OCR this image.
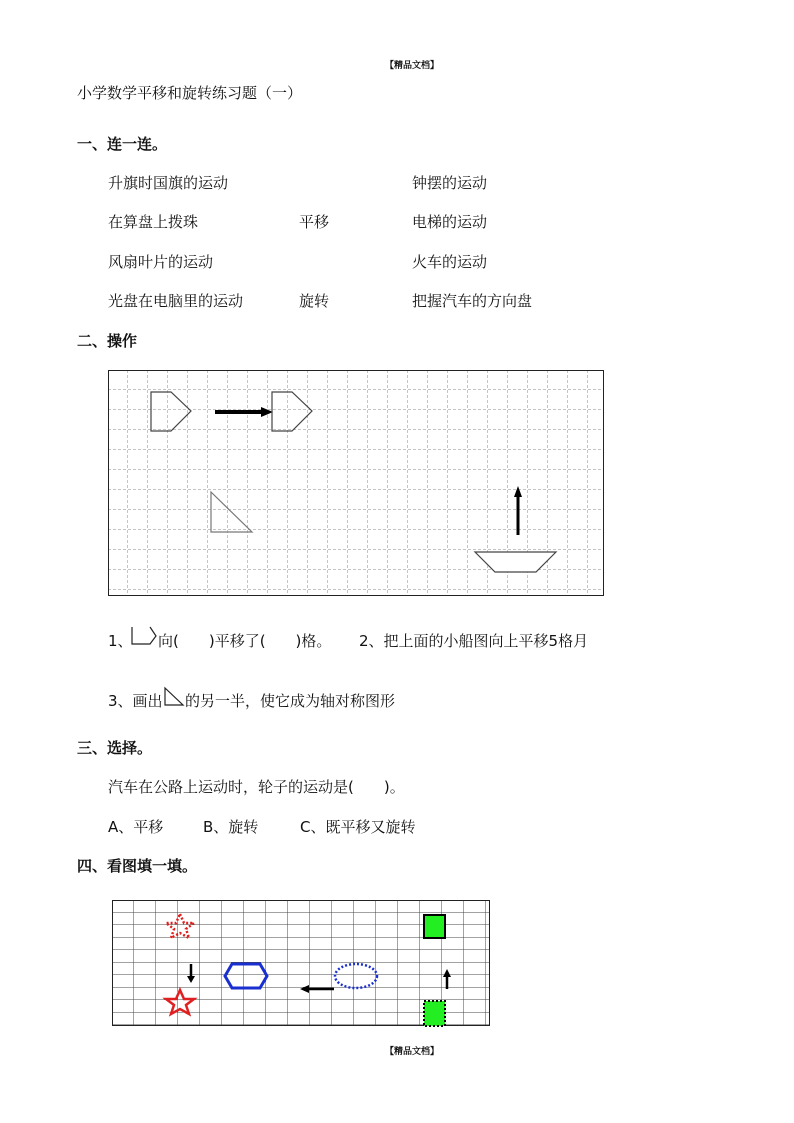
【精品文档】
小学数学平移和旋转练习题（一）
一、连一连。
升旗时国旗的运动
在算盘上拨珠
风扇叶片的运动
光盘在电脑里的运动
平移
旋转
钟摆的运动
电梯的运动
火车的运动
把握汽车的方向盘
二、操作
1、 向(　　)平移了(　　)格。 2、把上面的小船图向上平移5格月
3、画出 的另一半，使它成为轴对称图形
三、选择。
汽车在公路上运动时，轮子的运动是(　　)。
A、平移	B、旋转	C、既平移又旋转
四、看图填一填。
【精品文档】
